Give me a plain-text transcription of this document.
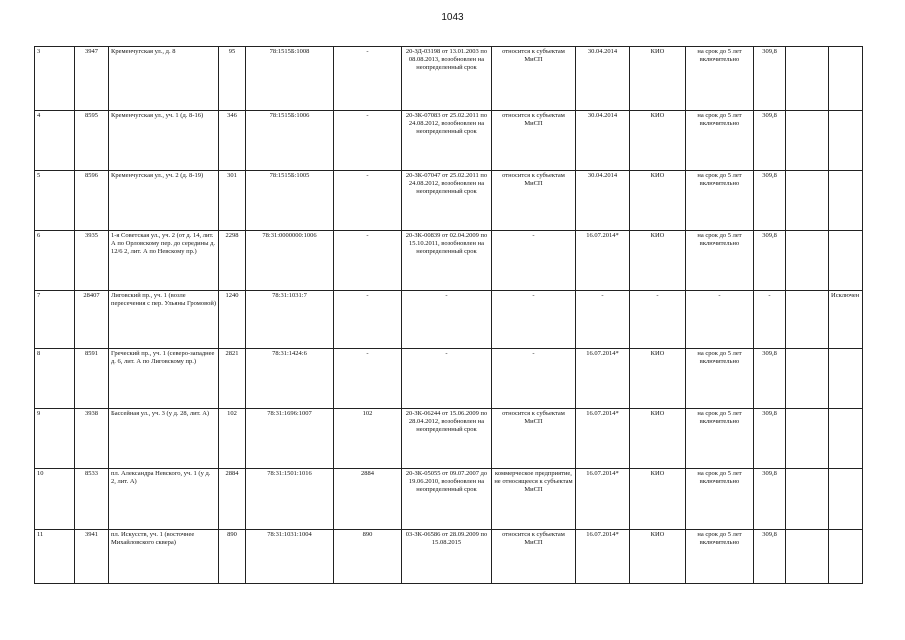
1043
3	3947	Кременчугская ул., д. 8	95	78:1515Б:1008	-	20-ЗД-03198 от 13.01.2003 по 08.08.2013, возобновлен на неопределенный срок	относится к субъектам МиСП	30.04.2014	КИО	на срок до 5 лет включительно	309,8		
4	8595	Кременчугская ул., уч. 1 (д. 8-16)	346	78:1515Б:1006	-	20-ЗК-07083 от 25.02.2011 по 24.08.2012, возобновлен на неопределенный срок	относится к субъектам МиСП	30.04.2014	КИО	на срок до 5 лет включительно	309,8		
5	8596	Кременчугская ул., уч. 2 (д. 8-19)	301	78:1515Б:1005	-	20-ЗК-07047 от 25.02.2011 по 24.08.2012, возобновлен на неопределенный срок	относится к субъектам МиСП	30.04.2014	КИО	на срок до 5 лет включительно	309,8		
6	3935	1-я Советская ул., уч. 2 (от д. 14, лит. А по Орловскому пер. до середины д. 12/6 2, лит. А по Невскому пр.)	2298	78:31:0000000:1006	-	20-ЗК-00839 от 02.04.2009 по 15.10.2011, возобновлен на неопределенный срок	-	16.07.2014*	КИО	на срок до 5 лет включительно	309,8		
7	28407	Лиговский пр., уч. 1 (возле пересечения с пер. Ульяны Громовой)	1240	78:31:1031:7	-	-	-	-	-	-	-		Исключен
8	8591	Греческий пр., уч. 1 (северо-западнее д. 6, лит. А по Лиговскому пр.)	2821	78:31:1424:6	-	-	-	16.07.2014*	КИО	на срок до 5 лет включительно	309,8		
9	3938	Бассейная ул., уч. 3 (у д. 28, лит. А)	102	78:31:1696:1007	102	20-ЗК-06244 от 15.06.2009 по 28.04.2012, возобновлен на неопределенный срок	относится к субъектам МиСП	16.07.2014*	КИО	на срок до 5 лет включительно	309,8		
10	8533	пл. Александра Невского, уч. 1 (у д. 2, лит. А)	2884	78:31:1501:1016	2884	20-ЗК-05055 от 09.07.2007 до 19.06.2010, возобновлен на неопределенный срок	коммерческое предприятие, не относящееся к субъектам МиСП	16.07.2014*	КИО	на срок до 5 лет включительно	309,8		
11	3941	пл. Искусств, уч. 1 (восточнее Михайловского сквера)	890	78:31:1031:1004	890	03-ЗК-06586 от 28.09.2009 по 15.08.2015	относится к субъектам МиСП	16.07.2014*	КИО	на срок до 5 лет включительно	309,8		
